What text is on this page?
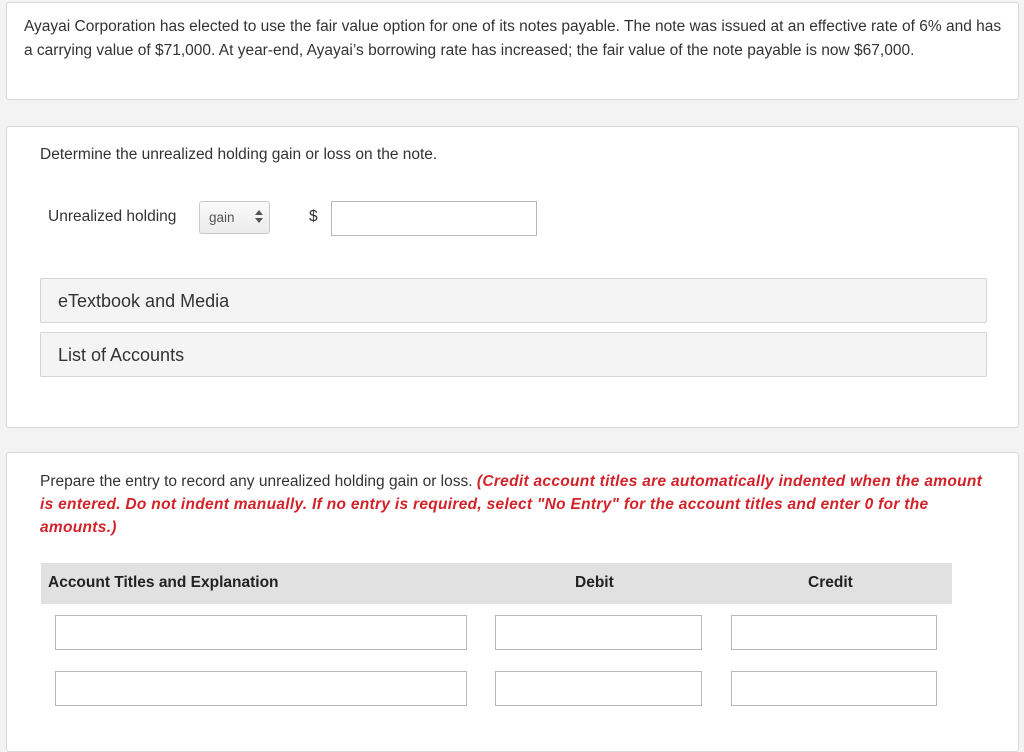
Ayayai Corporation has elected to use the fair value option for one of its notes payable. The note was issued at an effective rate of 6% and has a carrying value of $71,000. At year-end, Ayayai’s borrowing rate has increased; the fair value of the note payable is now $67,000.

Determine the unrealized holding gain or loss on the note.
Unrealized holding gain	$
eTextbook and Media
List of Accounts
Prepare the entry to record any unrealized holding gain or loss. (Credit account titles are automatically indented when the amount is entered. Do not indent manually. If no entry is required, select "No Entry" for the account titles and enter 0 for the amounts.)
Account Titles and Explanation	Debit	Credit
